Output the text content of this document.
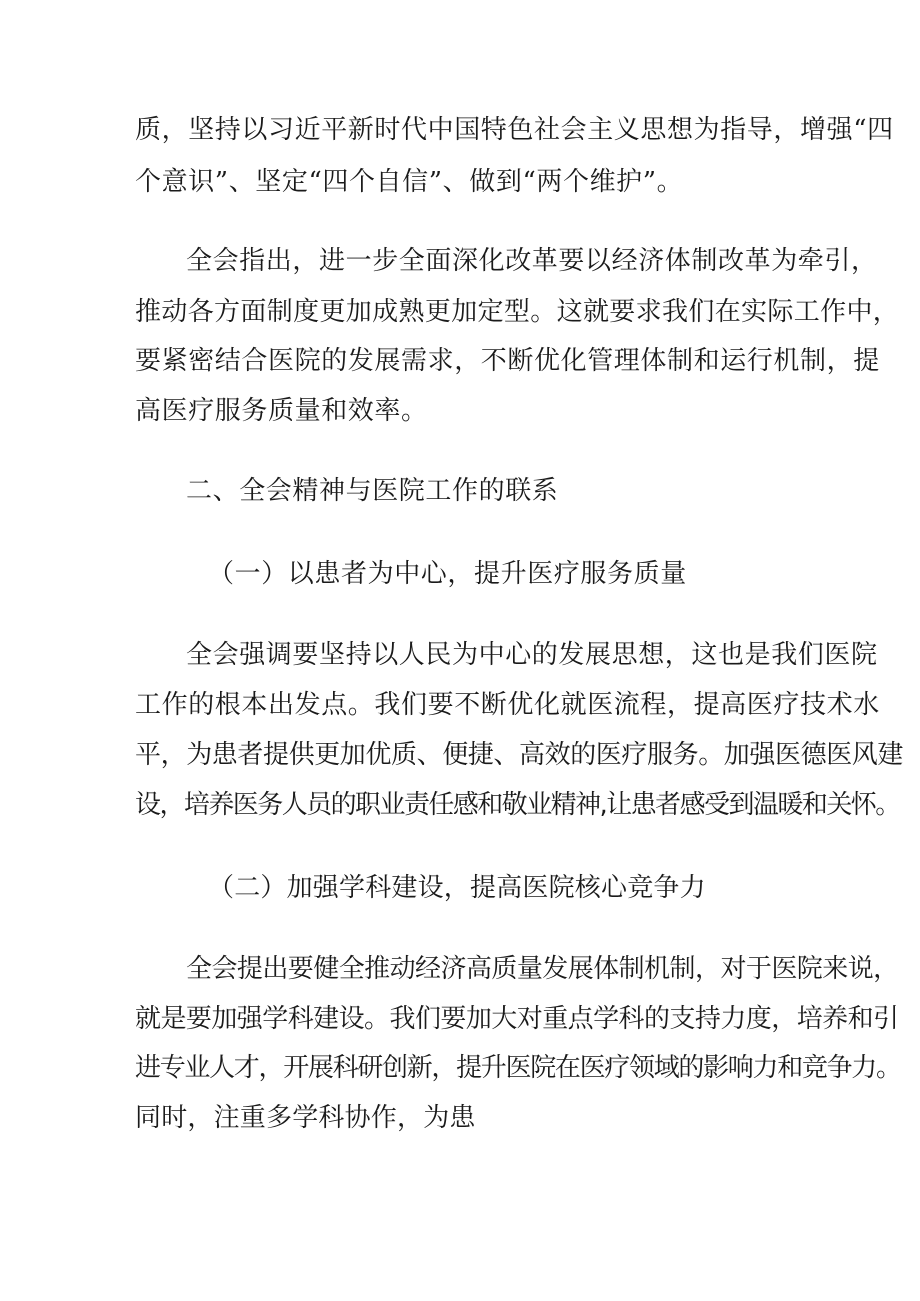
质，坚持以习近平新时代中国特色社会主义思想为指导，增强“四
个意识”、坚定“四个自信”、做到“两个维护”。
全会指出，进一步全面深化改革要以经济体制改革为牵引，
推动各方面制度更加成熟更加定型。这就要求我们在实际工作中，
要紧密结合医院的发展需求，不断优化管理体制和运行机制，提
高医疗服务质量和效率。
二、全会精神与医院工作的联系
（一）以患者为中心，提升医疗服务质量
全会强调要坚持以人民为中心的发展思想，这也是我们医院
工作的根本出发点。我们要不断优化就医流程，提高医疗技术水
平，为患者提供更加优质、便捷、高效的医疗服务。加强医德医风建
设，培养医务人员的职业责任感和敬业精神,让患者感受到温暖和关怀。
（二）加强学科建设，提高医院核心竞争力
全会提出要健全推动经济高质量发展体制机制，对于医院来说，
就是要加强学科建设。我们要加大对重点学科的支持力度，培养和引
进专业人才，开展科研创新，提升医院在医疗领域的影响力和竞争力。
同时，注重多学科协作，为患
